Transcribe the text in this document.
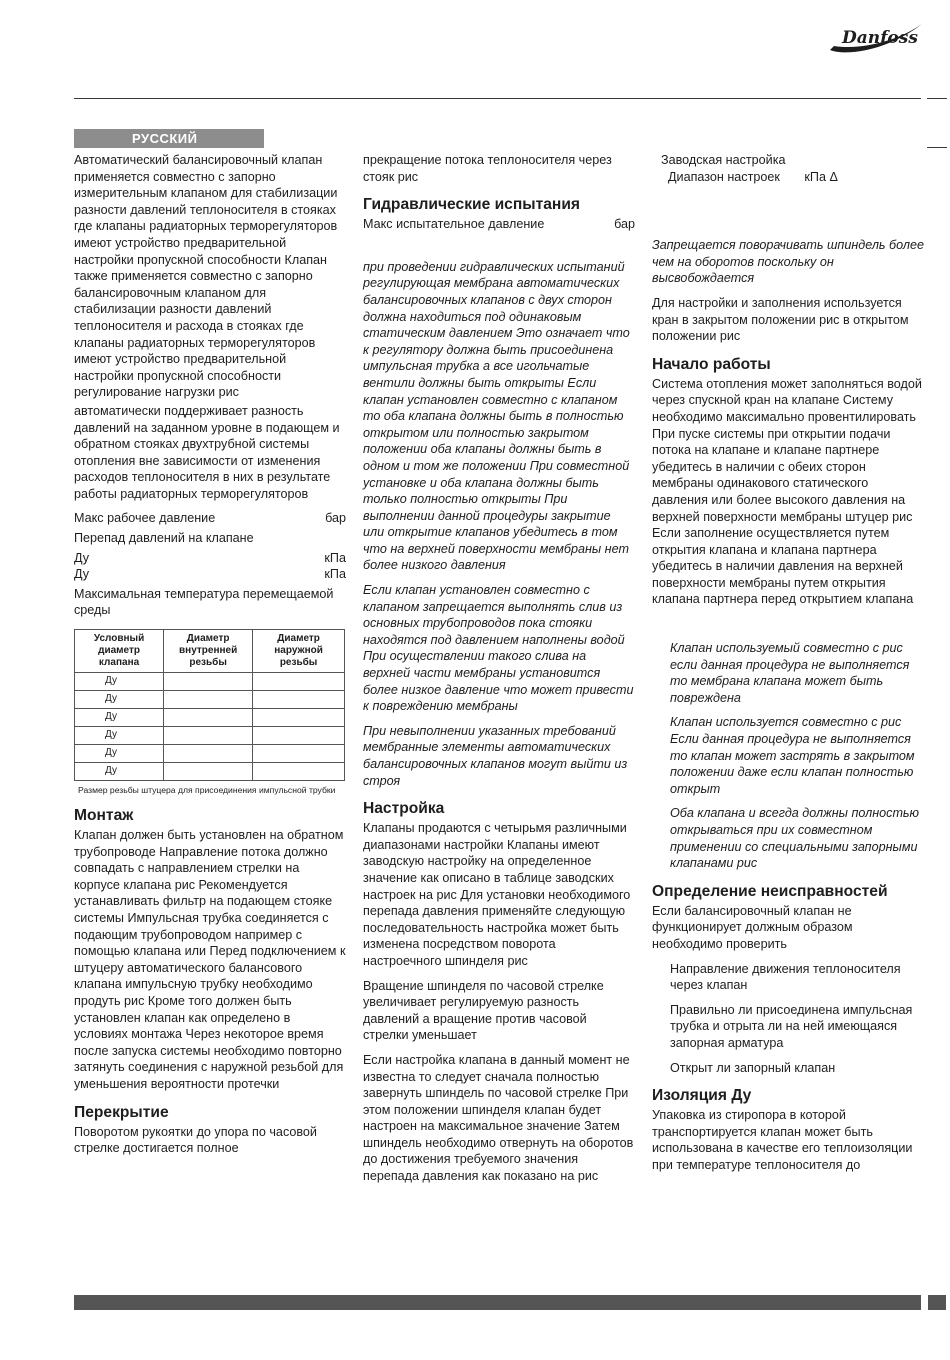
Danfoss
РУССКИЙ

Автоматический балансировочный клапан применяется совместно с запорно измерительным клапаном для стабилизации разности давлений теплоносителя в стояках где клапаны радиаторных терморегуляторов имеют устройство предварительной настройки пропускной способности Клапан также применяется совместно с запорно балансировочным клапаном для стабилизации разности давлений теплоносителя и расхода в стояках где клапаны радиаторных терморегуляторов имеют устройство предварительной настройки пропускной способности регулирование нагрузки рис

автоматически поддерживает разность давлений на заданном уровне в подающем и обратном стояках двухтрубной системы отопления вне зависимости от изменения расходов теплоносителя в них в результате работы радиаторных терморегуляторов

Макс рабочее давление	бар
Перепад давлений на клапане
Ду	кПа
Ду	кПа

Максимальная температура перемещаемой среды

Условный диаметр клапана	Диаметр внутренней резьбы	Диаметр наружной резьбы
Ду		
Ду		
Ду		
Ду		
Ду		
Ду		
Размер резьбы штуцера для присоединения импульсной трубки
Монтаж

Клапан должен быть установлен на обратном трубопроводе Направление потока должно совпадать с направлением стрелки на корпусе клапана рис Рекомендуется устанавливать фильтр на подающем стояке системы Импульсная трубка соединяется с подающим трубопроводом например с помощью клапана или Перед подключением к штуцеру автоматического балансового клапана импульсную трубку необходимо продуть рис Кроме того должен быть установлен клапан как определено в условиях монтажа Через некоторое время после запуска системы необходимо повторно затянуть соединения с наружной резьбой для уменьшения вероятности протечки

Перекрытие

Поворотом рукоятки до упора по часовой стрелке достигается полное

прекращение потока теплоносителя через стояк рис

Гидравлические испытания
Макс испытательное давление	бар

при проведении гидравлических испытаний регулирующая мембрана автоматических балансировочных клапанов с двух сторон должна находиться под одинаковым статическим давлением Это означает что к регулятору должна быть присоединена импульсная трубка а все игольчатые вентили должны быть открыты Если клапан установлен совместно с клапаном то оба клапана должны быть в полностью открытом или полностью закрытом положении оба клапаны должны быть в одном и том же положении При совместной установке и оба клапана должны быть только полностью открыты При выполнении данной процедуры закрытие или открытие клапанов убедитесь в том что на верхней поверхности мембраны нет более низкого давления

Если клапан установлен совместно с клапаном запрещается выполнять слив из основных трубопроводов пока стояки находятся под давлением наполнены водой При осуществлении такого слива на верхней части мембраны установится более низкое давление что может привести к повреждению мембраны

При невыполнении указанных требований мембранные элементы автоматических балансировочных клапанов могут выйти из строя

Настройка

Клапаны продаются с четырьмя различными диапазонами настройки Клапаны имеют заводскую настройку на определенное значение как описано в таблице заводских настроек на рис Для установки необходимого перепада давления применяйте следующую последовательность настройка может быть изменена посредством поворота настроечного шпинделя рис

Вращение шпинделя по часовой стрелке увеличивает регулируемую разность давлений а вращение против часовой стрелки уменьшает

Если настройка клапана в данный момент не известна то следует сначала полностью завернуть шпиндель по часовой стрелке При этом положении шпинделя клапан будет настроен на максимальное значение Затем шпиндель необходимо отвернуть на оборотов до достижения требуемого значения перепада давления как показано на рис

Заводская настройка
Диапазон настроек кПа Δ

Запрещается поворачивать шпиндель более чем на оборотов поскольку он высвобождается

Для настройки и заполнения используется кран в закрытом положении рис в открытом положении рис

Начало работы

Система отопления может заполняться водой через спускной кран на клапане Систему необходимо максимально провентилировать При пуске системы при открытии подачи потока на клапане и клапане партнере убедитесь в наличии с обеих сторон мембраны одинакового статического давления или более высокого давления на верхней поверхности мембраны штуцер рис Если заполнение осуществляется путем открытия клапана и клапана партнера убедитесь в наличии давления на верхней поверхности мембраны путем открытия клапана партнера перед открытием клапана

Клапан используемый совместно с рис если данная процедура не выполняется то мембрана клапана может быть повреждена

Клапан используется совместно с рис Если данная процедура не выполняется то клапан может застрять в закрытом положении даже если клапан полностью открыт

Оба клапана и всегда должны полностью открываться при их совместном применении со специальными запорными клапанами рис

Определение неисправностей

Если балансировочный клапан не функционирует должным образом необходимо проверить

Направление движения теплоносителя через клапан

Правильно ли присоединена импульсная трубка и отрыта ли на ней имеющаяся запорная арматура

Открыт ли запорный клапан

Изоляция Ду

Упаковка из стиропора в которой транспортируется клапан может быть использована в качестве его теплоизоляции при температуре теплоносителя до
